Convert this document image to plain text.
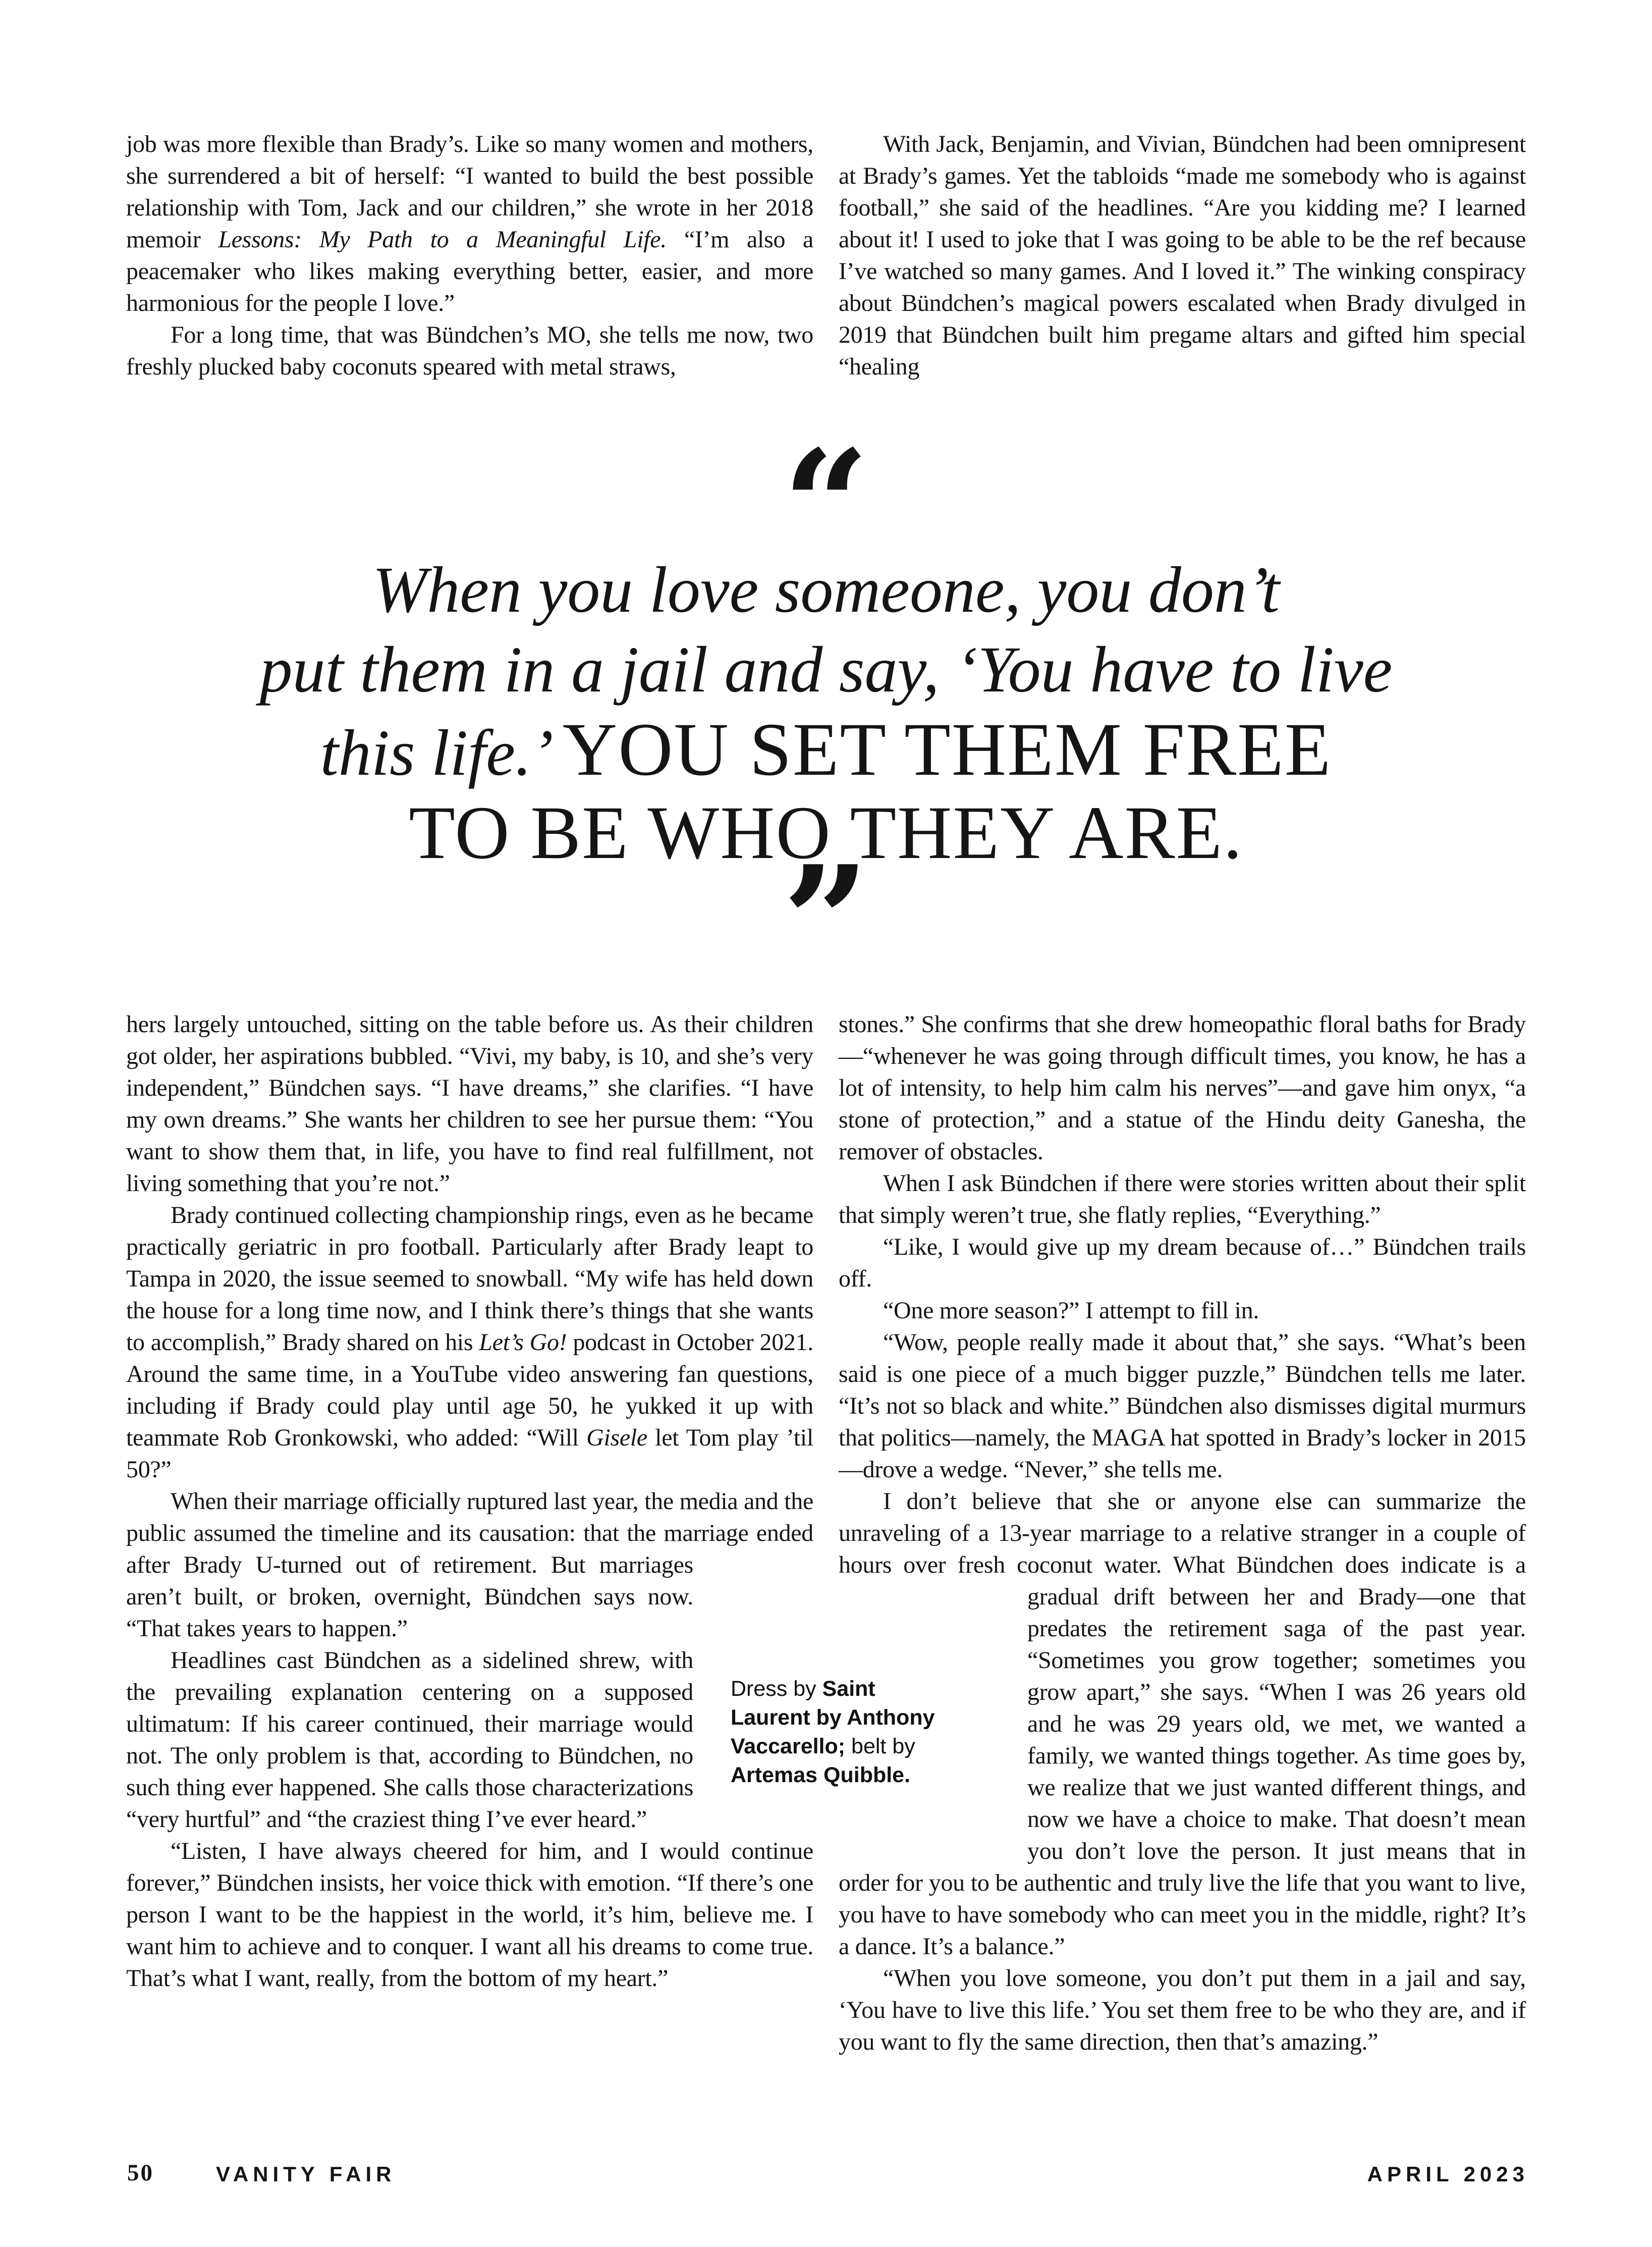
job was more flexible than Brady’s. Like so many women and mothers, she surrendered a bit of herself: “I wanted to build the best possible relationship with Tom, Jack and our children,” she wrote in her 2018 memoir Lessons: My Path to a Meaningful Life. “I’m also a peacemaker who likes making everything better, easier, and more harmonious for the people I love.”

For a long time, that was Bündchen’s MO, she tells me now, two freshly plucked baby coconuts speared with metal straws,

With Jack, Benjamin, and Vivian, Bündchen had been omnipresent at Brady’s games. Yet the tabloids “made me somebody who is against football,” she said of the headlines. “Are you kidding me? I learned about it! I used to joke that I was going to be able to be the ref because I’ve watched so many games. And I loved it.” The winking conspiracy about Bündchen’s magical powers escalated when Brady divulged in 2019 that Bündchen built him pregame altars and gifted him special “healing

“
When you love someone, you don’t
put them in a jail and say, ‘You have to live
this life.’ YOU SET THEM FREE
TO BE WHO THEY ARE.
”

hers largely untouched, sitting on the table before us. As their children got older, her aspirations bubbled. “Vivi, my baby, is 10, and she’s very independent,” Bündchen says. “I have dreams,” she clarifies. “I have my own dreams.” She wants her children to see her pursue them: “You want to show them that, in life, you have to find real fulfillment, not living something that you’re not.”

Brady continued collecting championship rings, even as he became practically geriatric in pro football. Particularly after Brady leapt to Tampa in 2020, the issue seemed to snowball. “My wife has held down the house for a long time now, and I think there’s things that she wants to accomplish,” Brady shared on his Let’s Go! podcast in October 2021. Around the same time, in a YouTube video answering fan questions, including if Brady could play until age 50, he yukked it up with teammate Rob Gronkowski, who added: “Will Gisele let Tom play ’til 50?”

When their marriage officially ruptured last year, the media and the public assumed the timeline and its causation: that the marriage ended after Brady U-turned out of retirement. But
marriages aren’t built, or broken, overnight, Bündchen says now. “That takes years to happen.”

Headlines cast Bündchen as a sidelined shrew, with the prevailing explanation centering on a supposed ultimatum: If his career continued, their marriage would not. The only problem is that, according to Bündchen, no such thing ever happened. She calls those characterizations “very hurtful” and “the craziest thing I’ve ever heard.”

“Listen, I have always cheered for him, and I would continue forever,” Bündchen insists, her voice thick with emotion. “If there’s one person I want to be the happiest in the world, it’s him, believe me. I want him to achieve and to conquer. I want all his dreams to come true. That’s what I want, really, from the bottom of my heart.”

stones.” She confirms that she drew homeopathic floral baths for Brady—“whenever he was going through difficult times, you know, he has a lot of intensity, to help him calm his nerves”—and gave him onyx, “a stone of protection,” and a statue of the Hindu deity Ganesha, the remover of obstacles.

When I ask Bündchen if there were stories written about their split that simply weren’t true, she flatly replies, “Everything.”

“Like, I would give up my dream because of…” Bündchen trails off.

“One more season?” I attempt to fill in.

“Wow, people really made it about that,” she says. “What’s been said is one piece of a much bigger puzzle,” Bündchen tells me later. “It’s not so black and white.” Bündchen also dismisses digital murmurs that politics—namely, the MAGA hat spotted in Brady’s locker in 2015—drove a wedge. “Never,” she tells me.

I don’t believe that she or anyone else can summarize the unraveling of a 13-year marriage to a relative stranger in a couple of hours over fresh coconut water. What Bündchen does indicate
is a gradual drift between her and Brady—one that predates the retirement saga of the past year. “Sometimes you grow together; sometimes you grow apart,” she says. “When I was 26 years old and he was 29 years old, we met, we wanted a family, we wanted things together. As time goes by, we realize that we just wanted different things, and now we have a choice to make. That doesn’t mean you don’t love the person. It just means that in order for you to be authentic and truly live the life that you want to live, you have to have somebody who can meet you in the middle, right? It’s a dance. It’s a balance.”

“When you love someone, you don’t put them in a jail and say, ‘You have to live this life.’ You set them free to be who they are, and if you want to fly the same direction, then that’s amazing.”

Dress by Saint
Laurent by Anthony
Vaccarello; belt by
Artemas Quibble.
50	VANITY FAIR	APRIL 2023
